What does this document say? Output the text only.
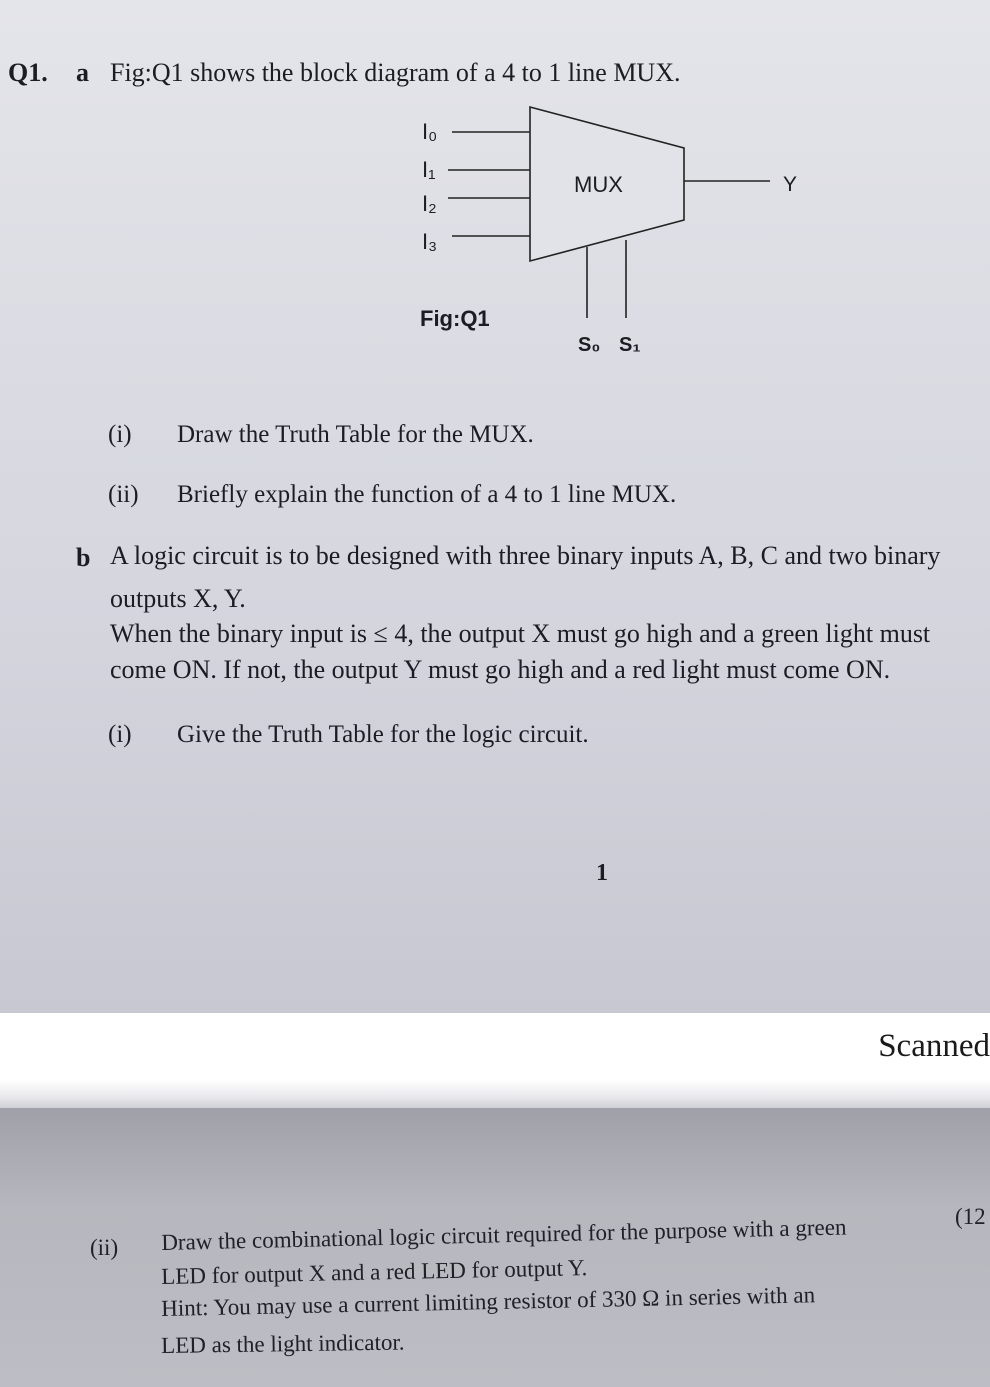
Q1. a Fig:Q1 shows the block diagram of a 4 to 1 line MUX.
I₀
I₁
I₂
I₃
MUX	Y
Fig:Q1
S₀ S₁
(i) Draw the Truth Table for the MUX.
(ii) Briefly explain the function of a 4 to 1 line MUX.
b A logic circuit is to be designed with three binary inputs A, B, C and two binary
outputs X, Y.
When the binary input is ≤ 4, the output X must go high and a green light must
come ON. If not, the output Y must go high and a red light must come ON.
(i) Give the Truth Table for the logic circuit.
1
Scanned
(ii) Draw the combinational logic circuit required for the purpose with a green
LED for output X and a red LED for output Y.
Hint: You may use a current limiting resistor of 330 Ω in series with an
LED as the light indicator.
(12
